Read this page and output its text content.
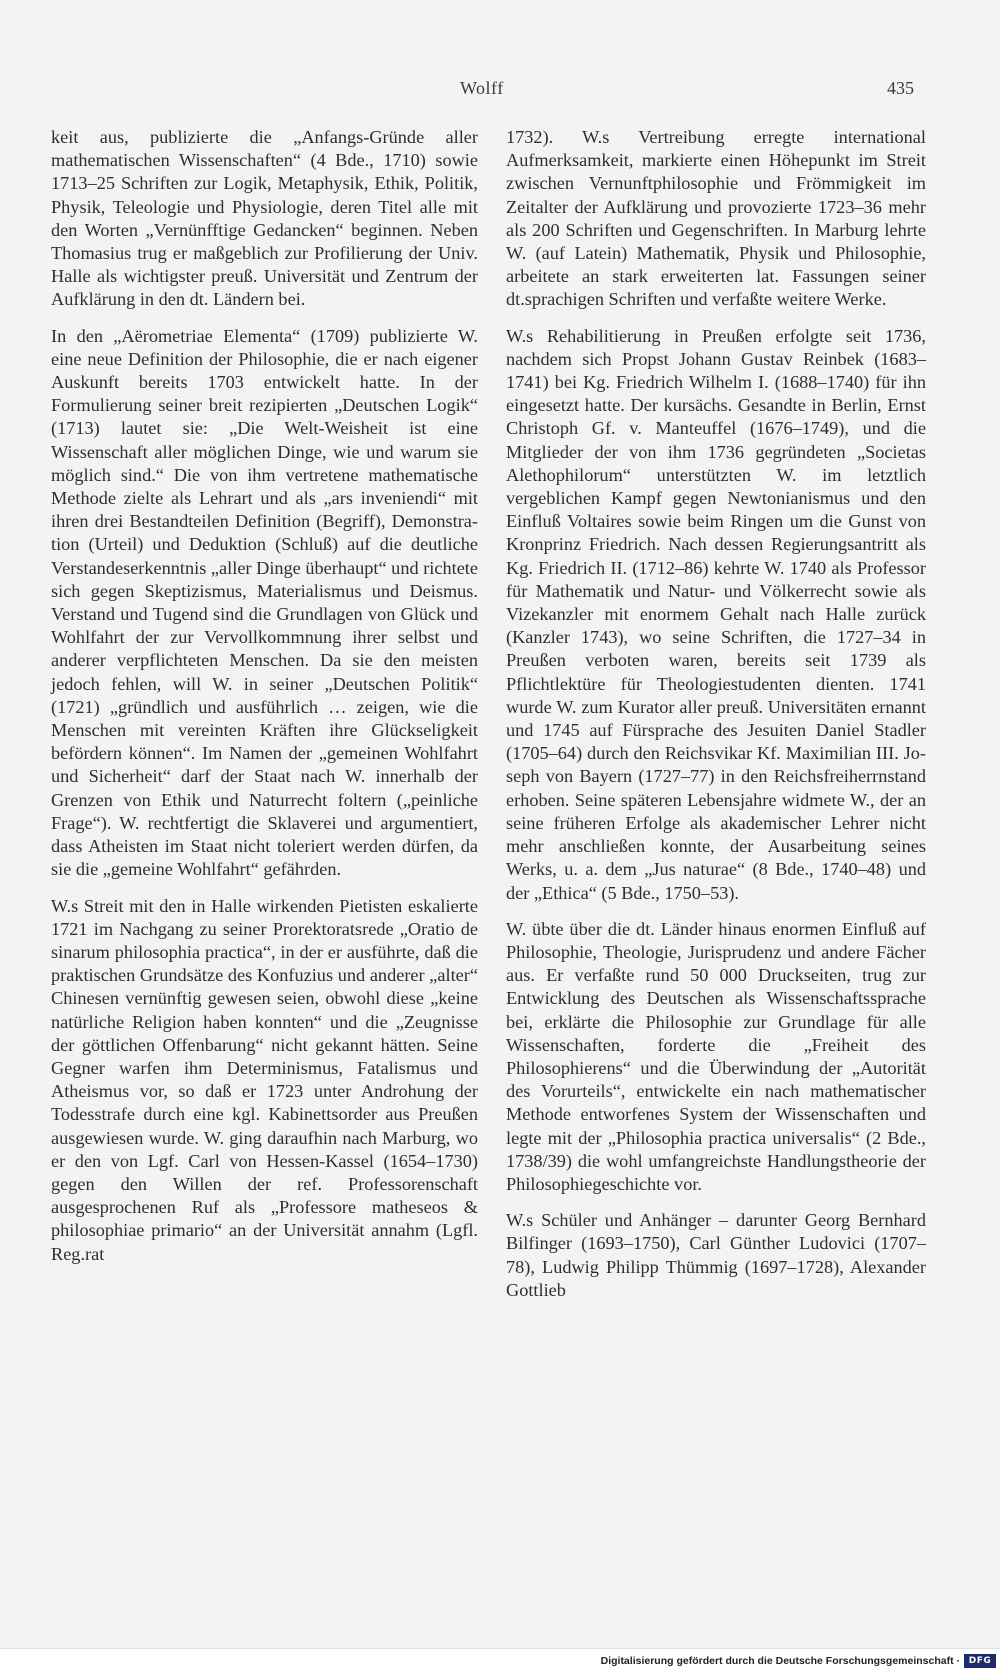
Wolff	435

keit aus, publizierte die „Anfangs-Gründe aller mathematischen Wissenschaften“ (4 Bde., 1710) sowie 1713–25 Schriften zur Logik, Metaphysik, Ethik, Politik, Physik, Teleologie und Physiologie, deren Titel alle mit den Worten „Vernünfftige Gedancken“ beginnen. Neben Thomasius trug er maßgeblich zur Profilierung der Univ. Halle als wichtigster preuß. Universität und Zentrum der Aufklärung in den dt. Ländern bei.

In den „Aërometriae Elementa“ (1709) publizierte W. eine neue Definition der Philosophie, die er nach eigener Auskunft bereits 1703 entwickelt hatte. In der Formulierung seiner breit rezipierten „Deutschen Logik“ (1713) lautet sie: „Die Welt-Weisheit ist eine Wissenschaft aller möglichen Dinge, wie und warum sie möglich sind.“ Die von ihm vertretene mathematische Methode zielte als Lehrart und als „ars inveniendi“ mit ihren drei Bestandteilen Definition (Begriff), Demonstration (Urteil) und Deduktion (Schluß) auf die deutliche Verstandeserkenntnis „aller Dinge überhaupt“ und richtete sich gegen Skeptizismus, Materialismus und Deismus. Verstand und Tugend sind die Grundlagen von Glück und Wohlfahrt der zur Vervollkommnung ihrer selbst und anderer verpflichteten Menschen. Da sie den meisten jedoch fehlen, will W. in seiner „Deutschen Politik“ (1721) „gründlich und ausführlich … zeigen, wie die Menschen mit vereinten Kräften ihre Glückseligkeit befördern können“. Im Namen der „gemeinen Wohlfahrt und Sicherheit“ darf der Staat nach W. innerhalb der Grenzen von Ethik und Naturrecht foltern („peinliche Frage“). W. rechtfertigt die Sklaverei und argumentiert, dass Atheisten im Staat nicht toleriert werden dürfen, da sie die „gemeine Wohlfahrt“ gefährden.

W.s Streit mit den in Halle wirkenden Pietisten eskalierte 1721 im Nachgang zu seiner Prorektoratsrede „Oratio de sinarum philosophia practica“, in der er ausführte, daß die praktischen Grundsätze des Konfuzius und anderer „alter“ Chinesen vernünftig gewesen seien, obwohl diese „keine natürliche Religion haben konnten“ und die „Zeugnisse der göttlichen Offenbarung“ nicht gekannt hätten. Seine Gegner warfen ihm Determinismus, Fatalismus und Atheismus vor, so daß er 1723 unter Androhung der Todesstrafe durch eine kgl. Kabinettsorder aus Preußen ausgewiesen wurde. W. ging daraufhin nach Marburg, wo er den von Lgf. Carl von Hessen-Kassel (1654–1730) gegen den Willen der ref. Professorenschaft ausgesprochenen Ruf als „Professore matheseos & philosophiae primario“ an der Universität annahm (Lgfl. Reg.rat

1732). W.s Vertreibung erregte international Aufmerksamkeit, markierte einen Höhepunkt im Streit zwischen Vernunftphilosophie und Frömmigkeit im Zeitalter der Aufklärung und provozierte 1723–36 mehr als 200 Schriften und Gegenschriften. In Marburg lehrte W. (auf Latein) Mathematik, Physik und Philosophie, arbeitete an stark erweiterten lat. Fassungen seiner dt.sprachigen Schriften und verfaßte weitere Werke.

W.s Rehabilitierung in Preußen erfolgte seit 1736, nachdem sich Propst Johann Gustav Reinbek (1683–1741) bei Kg. Friedrich Wilhelm I. (1688–1740) für ihn eingesetzt hatte. Der kursächs. Gesandte in Berlin, Ernst Christoph Gf. v. Manteuffel (1676–1749), und die Mitglieder der von ihm 1736 gegründeten „Societas Alethophilorum“ unterstützten W. im letztlich vergeblichen Kampf gegen Newtonianismus und den Einfluß Voltaires sowie beim Ringen um die Gunst von Kronprinz Friedrich. Nach dessen Regierungsantritt als Kg. Friedrich II. (1712–86) kehrte W. 1740 als Professor für Mathematik und Natur- und Völkerrecht sowie als Vizekanzler mit enormem Gehalt nach Halle zurück (Kanzler 1743), wo seine Schriften, die 1727–34 in Preußen verboten waren, bereits seit 1739 als Pflichtlektüre für Theologiestudenten dienten. 1741 wurde W. zum Kurator aller preuß. Universitäten ernannt und 1745 auf Fürsprache des Jesuiten Daniel Stadler (1705–64) durch den Reichsvikar Kf. Maximilian III. Joseph von Bayern (1727–77) in den Reichsfreiherrnstand erhoben. Seine späteren Lebensjahre widmete W., der an seine früheren Erfolge als akademischer Lehrer nicht mehr anschließen konnte, der Ausarbeitung seines Werks, u. a. dem „Jus naturae“ (8 Bde., 1740–48) und der „Ethica“ (5 Bde., 1750–53).

W. übte über die dt. Länder hinaus enormen Einfluß auf Philosophie, Theologie, Jurisprudenz und andere Fächer aus. Er verfaßte rund 50 000 Druckseiten, trug zur Entwicklung des Deutschen als Wissenschaftssprache bei, erklärte die Philosophie zur Grundlage für alle Wissenschaften, forderte die „Freiheit des Philosophierens“ und die Überwindung der „Autorität des Vorurteils“, entwickelte ein nach mathematischer Methode entworfenes System der Wissenschaften und legte mit der „Philosophia practica universalis“ (2 Bde., 1738/39) die wohl umfangreichste Handlungstheorie der Philosophiegeschichte vor.

W.s Schüler und Anhänger – darunter Georg Bernhard Bilfinger (1693–1750), Carl Günther Ludovici (1707–78), Ludwig Philipp Thümmig (1697–1728), Alexander Gottlieb

Digitalisierung gefördert durch die Deutsche Forschungsgemeinschaft · DFG
